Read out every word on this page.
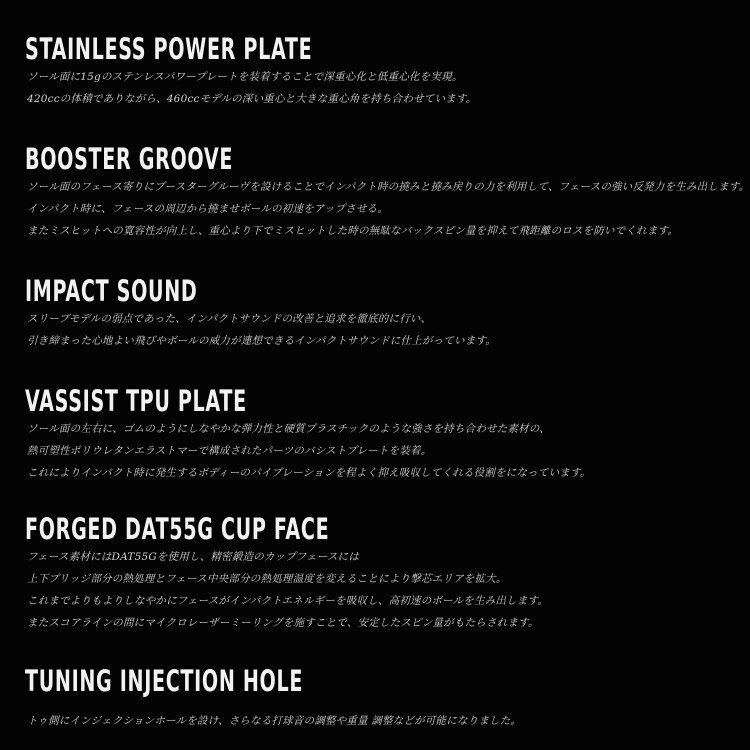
STAINLESS POWER PLATE

ソール面に15gのステンレスパワープレートを装着することで深重心化と低重心化を実現。

420ccの体積でありながら、460ccモデルの深い重心と大きな重心角を持ち合わせています。

BOOSTER GROOVE

ソール面のフェース寄りにブースターグルーヴを設けることでインパクト時の撓みと撓み戻りの力を利用して、フェースの強い反発力を生み出します。

インパクト時に、フェースの周辺から撓ませボールの初速をアップさせる。

またミスヒットへの寛容性が向上し、重心より下でミスヒットした時の無駄なバックスピン量を抑えて飛距離のロスを防いでくれます。

IMPACT SOUND

スリーブモデルの弱点であった、インパクトサウンドの改善と追求を徹底的に行い、

引き締まった心地よい飛びやボールの威力が連想できるインパクトサウンドに仕上がっています。

VASSIST TPU PLATE

ソール面の左右に、ゴムのようにしなやかな弾力性と硬質プラスチックのような強さを持ち合わせた素材の、

熱可塑性ポリウレタンエラストマーで構成されたパーツのバシストプレートを装着。

これによりインパクト時に発生するボディーのバイブレーションを程よく抑え吸収してくれる役割をになっています。

FORGED DAT55G CUP FACE

フェース素材にはDAT55Gを使用し、精密鍛造のカップフェースには

上下ブリッジ部分の熱処理とフェース中央部分の熱処理温度を変えることにより撃芯エリアを拡大。

これまでよりもよりしなやかにフェースがインパクトエネルギーを吸収し、高初速のボールを生み出します。

またスコアラインの間にマイクロレーザーミーリングを施すことで、安定したスピン量がもたらされます。

TUNING INJECTION HOLE

トゥ側にインジェクションホールを設け、さらなる打球音の調整や重量 調整などが可能になりました。
